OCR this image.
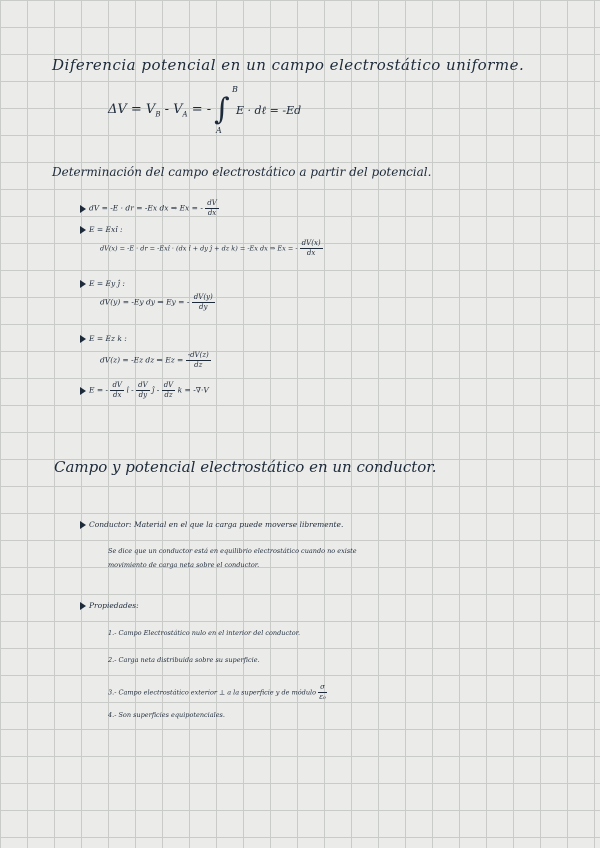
Diferencia potencial en un campo electrostático uniforme.
$\Delta V = V_B - V_A$ = -
B
∫
A
E · dℓ = -Ed
Determinación del campo electrostático a partir del potencial.
dV = -E · dr = -Ex dx ⇒ Ex = - $\frac{dV}{dx}$
E = Exî :
dV(x) = -E · dr = -Exî · (dx î + dy ĵ + dz k) = -Ex dx ⇒ Ex = - $\frac{dV(x)}{dx}$
E = Ey ĵ :
dV(y) = -Ey dy ⇒ Ey = - $\frac{dV(y)}{dy}$
E = Ez k :
dV(z) = -Ez dz ⇒ $Ez = \frac{-dV(z)}{dz}$
E = - $\frac{dV}{dx}$ î - $\frac{dV}{dy}$ ĵ - $\frac{dV}{dz}$ k = -∇·V
Campo y potencial electrostático en un conductor.
Conductor: Material en el que la carga puede moverse libremente.
Se dice que un conductor está en equilibrio electrostático cuando no existe
movimiento de carga neta sobre el conductor.
Propiedades:
1.- Campo Electrostático nulo en el interior del conductor.
2.- Carga neta distribuida sobre su superficie.
3.- Campo electrostático exterior ⊥ a la superficie y de módulo $\frac{\sigma}{\text{ε₀}}$
4.- Son superficies equipotenciales.
